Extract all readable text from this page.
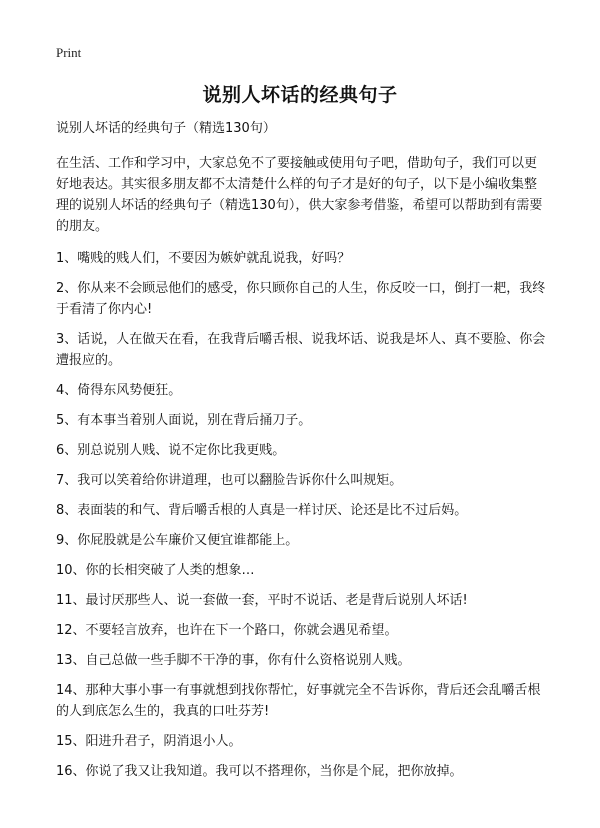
Print
说别人坏话的经典句子

说别人坏话的经典句子（精选130句）

在生活、工作和学习中，大家总免不了要接触或使用句子吧，借助句子，我们可以更好地表达。其实很多朋友都不太清楚什么样的句子才是好的句子，以下是小编收集整理的说别人坏话的经典句子（精选130句），供大家参考借鉴，希望可以帮助到有需要的朋友。

1、嘴贱的贱人们，不要因为嫉妒就乱说我，好吗？

2、你从来不会顾忌他们的感受，你只顾你自己的人生，你反咬一口，倒打一耙，我终于看清了你内心!

3、话说，人在做天在看，在我背后嚼舌根、说我坏话、说我是坏人、真不要脸、你会遭报应的。

4、倚得东风势便狂。

5、有本事当着别人面说，别在背后捅刀子。

6、别总说别人贱、说不定你比我更贱。

7、我可以笑着给你讲道理，也可以翻脸告诉你什么叫规矩。

8、表面装的和气、背后嚼舌根的人真是一样讨厌、论还是比不过后妈。

9、你屁股就是公车廉价又便宜谁都能上。

10、你的长相突破了人类的想象…

11、最讨厌那些人、说一套做一套，平时不说话、老是背后说别人坏话!

12、不要轻言放弃，也许在下一个路口，你就会遇见希望。

13、自己总做一些手脚不干净的事，你有什么资格说别人贱。

14、那种大事小事一有事就想到找你帮忙，好事就完全不告诉你，背后还会乱嚼舌根的人到底怎么生的，我真的口吐芬芳!

15、阳进升君子，阴消退小人。

16、你说了我又让我知道。我可以不搭理你，当你是个屁，把你放掉。
